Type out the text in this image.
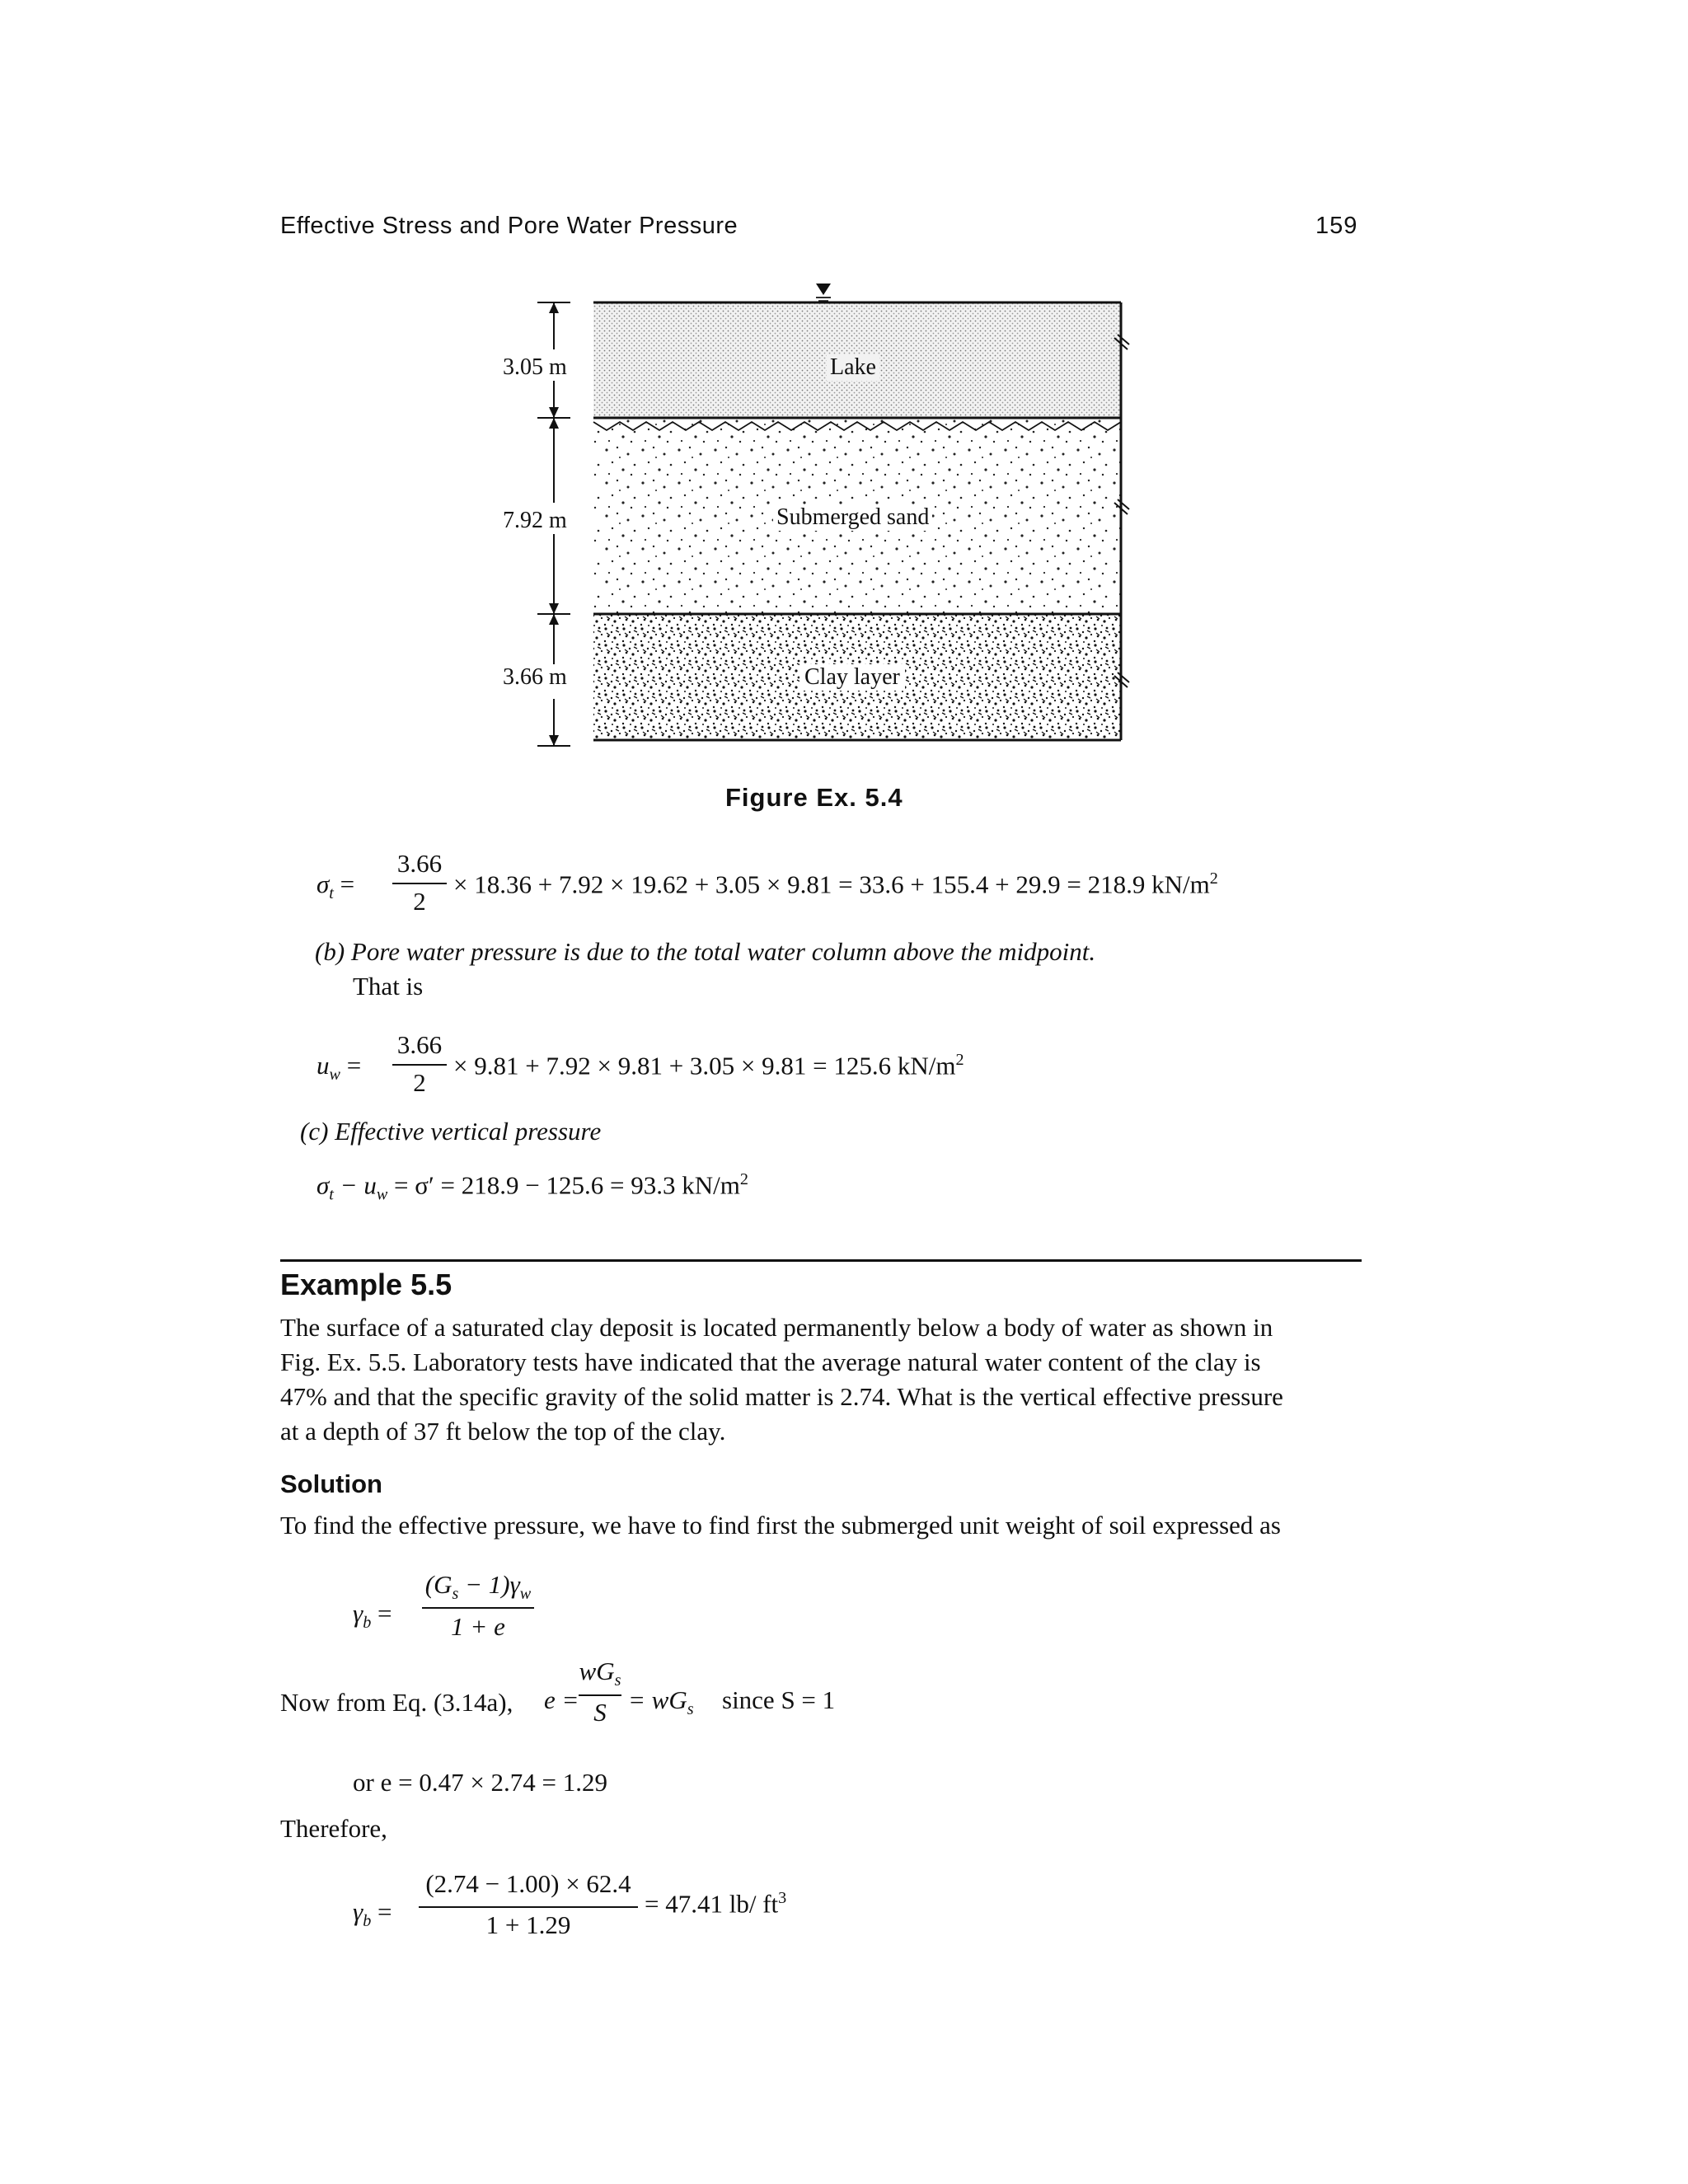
Effective Stress and Pore Water Pressure	159
3.05 m
7.92 m
3.66 m
Lake
Submerged sand
Clay layer
Figure Ex. 5.4
$\sigma_t$ =
3.66
2
× 18.36 + 7.92 × 19.62 + 3.05 × 9.81 = 33.6 + 155.4 + 29.9 = 218.9 $kN/m^2$
(b) Pore water pressure is due to the total water column above the midpoint.
That is
$u_w$ =
3.66
2
× 9.81 + 7.92 × 9.81 + 3.05 × 9.81 = 125.6 $kN/m^2$
(c) Effective vertical pressure
$\sigma_t - u_w = \sigma' = 218.9 - 125.6 = 93.3$ $kN/m^2$
Example 5.5
The surface of a saturated clay deposit is located permanently below a body of water as shown in
Fig. Ex. 5.5. Laboratory tests have indicated that the average natural water content of the clay is
47% and that the specific gravity of the solid matter is 2.74. What is the vertical effective pressure
at a depth of 37 ft below the top of the clay.
Solution
To find the effective pressure, we have to find first the submerged unit weight of soil expressed as
$\gamma_b$ =
$(G_s - 1)\gamma_w$
1 + e
Now from Eq. (3.14a), e =
$wG_s$
$S = wG_s$ since S = 1
or e = 0.47 × 2.74 = 1.29
Therefore,
$\gamma_b$ =
(2.74 − 1.00) × 62.4
1 + 1.29
= 47.41 lb/ $ft^3$
